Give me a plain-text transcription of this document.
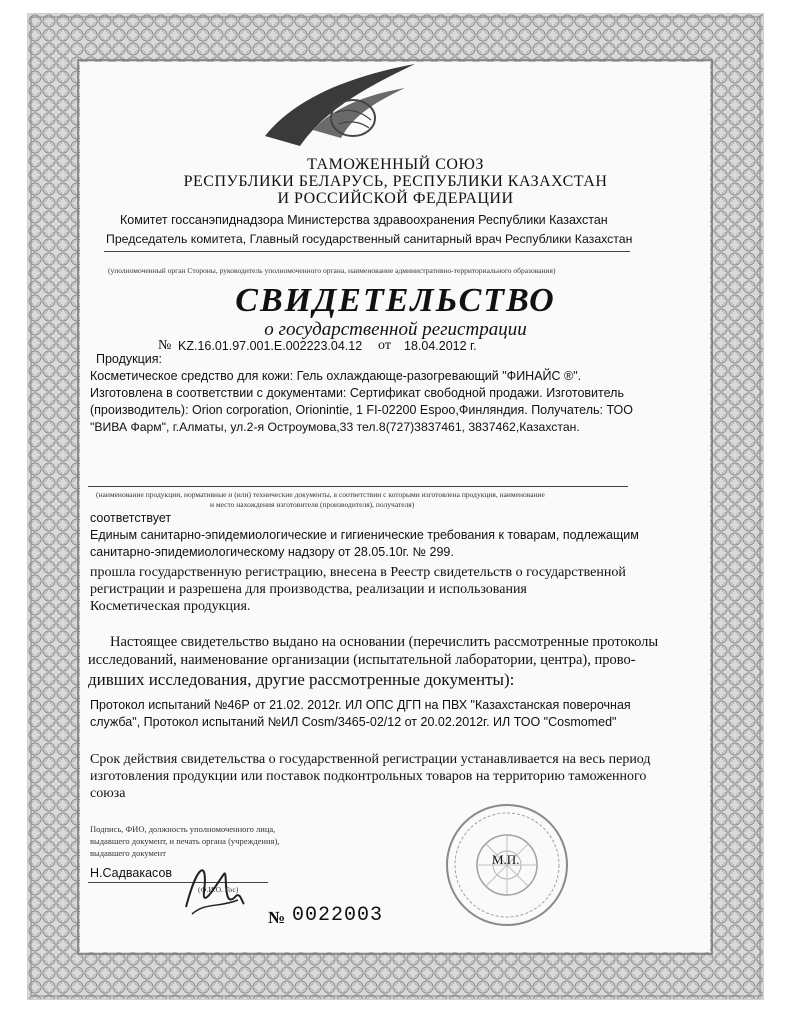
ТАМОЖЕННЫЙ СОЮЗ
РЕСПУБЛИКИ БЕЛАРУСЬ, РЕСПУБЛИКИ КАЗАХСТАН
И РОССИЙСКОЙ ФЕДЕРАЦИИ
Комитет госсанэпиднадзора Министерства здравоохранения Республики Казахстан
Председатель комитета, Главный государственный санитарный врач Республики Казахстан
(уполномоченный орган Стороны, руководитель уполномоченного органа, наименование административно-территориального образования)
СВИДЕТЕЛЬСТВО
о государственной регистрации
№ KZ.16.01.97.001.Е.002223.04.12 от 18.04.2012 г.
Продукция:
Косметическое средство для кожи: Гель охлаждающе-разогревающий "ФИНАЙС ®".
Изготовлена в соответствии с документами: Сертификат свободной продажи. Изготовитель
(производитель): Orion corporation, Orionintie, 1 FI-02200 Espoo,Финляндия. Получатель: ТОО
"ВИВА Фарм", г.Алматы, ул.2-я Остроумова,33 тел.8(727)3837461, 3837462,Казахстан.
(наименование продукции, нормативные и (или) технические документы, в соответствии с которыми изготовлена продукция, наименование
и место нахождения изготовителя (производителя), получателя)
соответствует
Единым санитарно-эпидемиологические и гигиенические требования к товарам, подлежащим
санитарно-эпидемиологическому надзору от 28.05.10г. № 299.
прошла государственную регистрацию, внесена в Реестр свидетельств о государственной
регистрации и разрешена для производства, реализации и использования
Косметическая продукция.
Настоящее свидетельство выдано на основании (перечислить рассмотренные протоколы
исследований, наименование организации (испытательной лаборатории, центра), прово-
дивших исследования, другие рассмотренные документы):
Протокол испытаний №46Р от 21.02. 2012г. ИЛ ОПС ДГП на ПВХ "Казахстанская поверочная
служба", Протокол испытаний №ИЛ Cosm/3465-02/12 от 20.02.2012г. ИЛ ТОО "Cosmomed"
Срок действия свидетельства о государственной регистрации устанавливается на весь период
изготовления продукции или поставок подконтрольных товаров на территорию таможенного
союза
Подпись, ФИО, должность уполномоченного лица,
выдавшего документ, и печать органа (учреждения),
выдавшего документ
Н.Садвакасов
(Ф.И.О. Гос)
М.П.
№ 0022003
